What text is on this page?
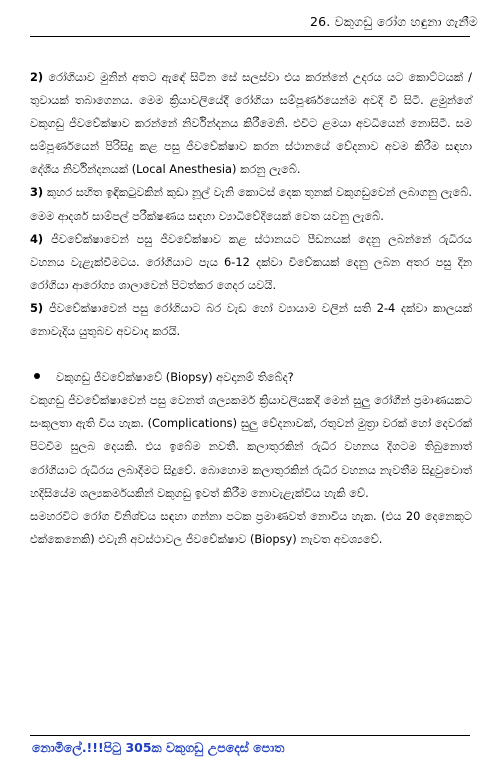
26. වකුගඩු රෝග හඳුනා ගැනීම

2) රෝගියාව මුනින් අතට ඇඳේ සිටින සේ සලස්වා එය කරන්නේ උදරය යට කොට්ටයක් / තුවායක් තබාගෙනය. මෙම ක්‍රියාවලියේදී රෝගියා සම්පූර්ණයෙන්ම අවදි වී සිටී. ළමුන්ගේ වකුගඩු ජීවවේක්ෂාව කරන්නේ නිර්වින්දනය කිරීමෙනි. එවිට ළමයා අවධියෙන් නොසිටී. සම සම්පූර්ණයෙන් පිරිසිදු කළ පසු ජීවවේක්ෂාව කරන ස්ථානයේ වේදනාව අවම කිරීම සඳහා දේශීය නිර්වින්දනයක් (Local Anesthesia) කරනු ලැබේ.

3) කුහර සහිත ඉඳිකටුවකින් කුඩා නූල් වැනි කොටස් දෙක තුනක් වකුගඩුවෙන් ලබාගනු ලැබේ. මෙම ආදර්ශ සාම්පල් පරීක්ෂණය සඳහා ව්‍යාධිවේදියෙක් වෙත යවනු ලැබේ.

4) ජීවවේක්ෂාවෙන් පසු ජීවවේක්ෂාව කළ ස්ථානයට පීඩනයක් දෙනු ලබන්නේ රුධිරය වහනය වැළැක්වීමටය. රෝගියාට පැය 6-12 දක්වා විවේකයක් දෙනු ලබන අතර පසු දින රෝගියා ආරෝග්‍ය ශාලාවෙන් පිටත්කර ගෙදර යවයි.

5) ජීවවේක්ෂාවෙන් පසු රෝගියාට බර වැඩ හෝ ව්‍යායාම වලින් සති 2-4 දක්වා කාලයක් නොවැදිය යුතුබව අවවාද කරයි.

වකුගඩු ජීවවේක්ෂාවේ (Biopsy) අවදානම් තිබේද?

වකුගඩු ජීවවේක්ෂාවෙන් පසු වෙනත් ශල්‍යකර්ම ක්‍රියාවලියකදී මෙන් සුලු රෝගීන් ප්‍රමාණයකට සංකූලතා ඇති විය හැක. (Complications) සුලු වේදනාවක්, රතුවන් මුත්‍රා වරක් හෝ දෙවරක් පිටවීම සුලබ දෙයකි. එය ඉබේම නවතී. කලාතුරකින් රුධිර වහනය දිගටම තිබුනොත් රෝගියාට රුධිරය ලබාදීමට සිදුවේ. බොහොම කලාතුරකින් රුධිර වහනය නැවතීම සිදුවුවොත් හදිසියේම ශල්‍යකර්මයකින් වකුගඩු ඉවත් කිරීම නොවැළැක්විය හැකි වේ.

සමහරවිට රෝග විනිශ්චය සඳහා ගන්නා පටක ප්‍රමාණවත් නොවිය හැක. (එය 20 දෙනෙකුට එක්කෙනෙකි) එවැනි අවස්ථාවල ජීවවේක්ෂාව (Biopsy) නැවත අවශ්‍යවේ.

නොමිලේ.!!!පිටු 305ක වකුගඩු උපදෙස් පොත
